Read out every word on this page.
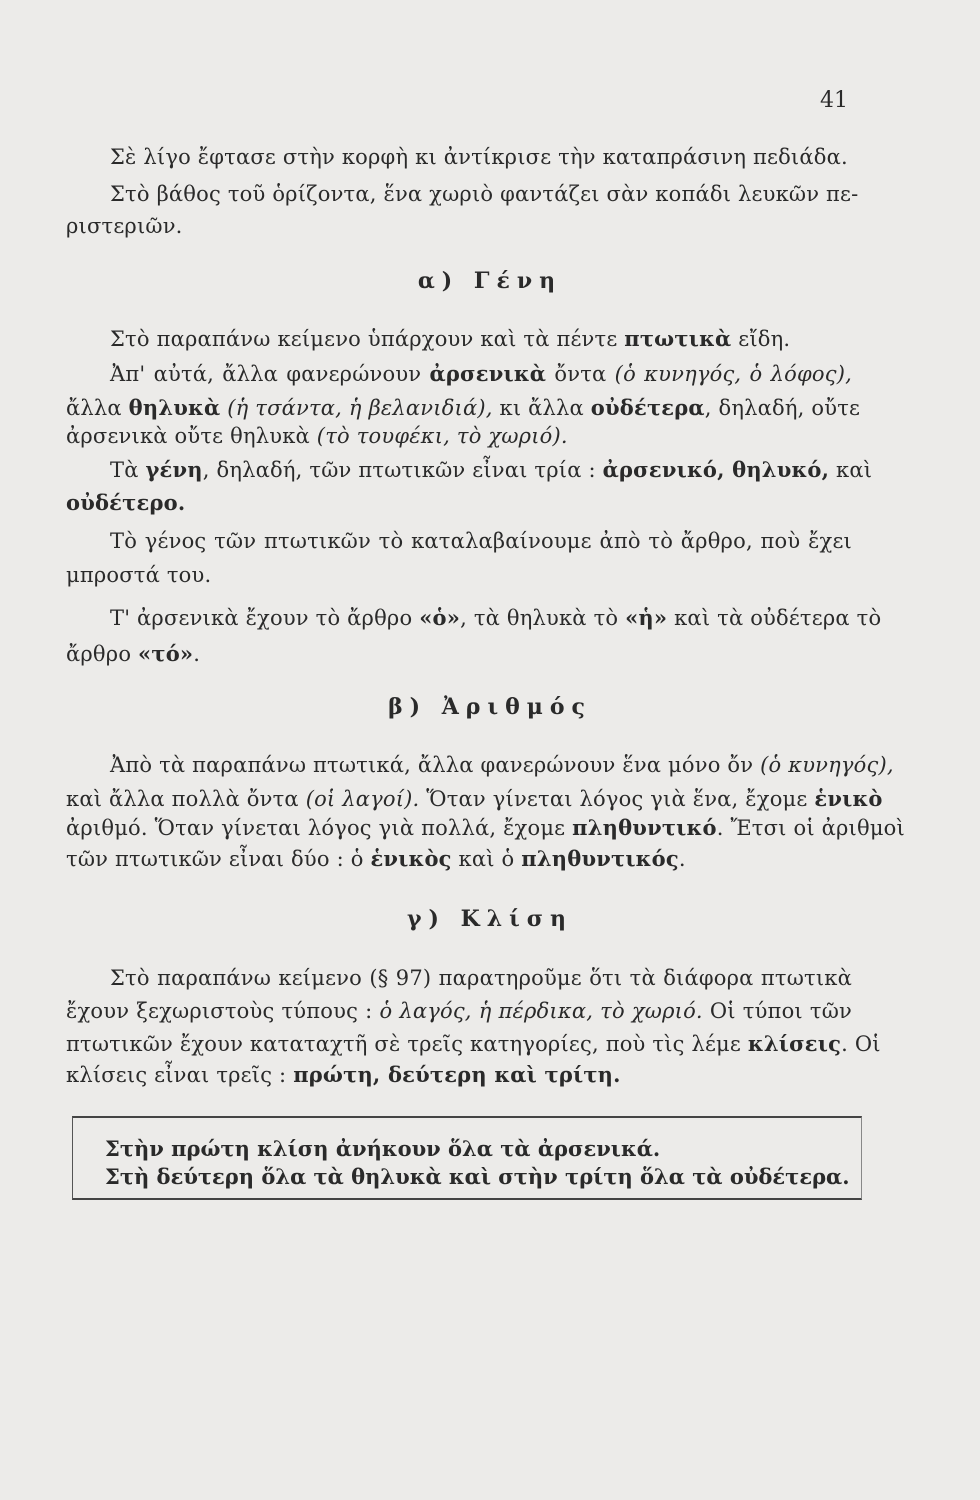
41
Σὲ λίγο ἔφτασε στὴν κορφὴ κι ἀντίκρισε τὴν καταπράσινη πεδιάδα.
Στὸ βάθος τοῦ ὁρίζοντα, ἕνα χωριὸ φαντάζει σὰν κοπάδι λευκῶν πε-
ριστεριῶν.
α) Γένη
Στὸ παραπάνω κείμενο ὑπάρχουν καὶ τὰ πέντε πτωτικὰ εἴδη.
Ἀπ' αὐτά, ἄλλα φανερώνουν ἀρσενικὰ ὄντα (ὁ κυνηγός, ὁ λόφος),
ἄλλα θηλυκὰ (ἡ τσάντα, ἡ βελανιδιά), κι ἄλλα οὐδέτερα, δηλαδή, οὔτε
ἀρσενικὰ οὔτε θηλυκὰ (τὸ τουφέκι, τὸ χωριό).
Τὰ γένη, δηλαδή, τῶν πτωτικῶν εἶναι τρία : ἀρσενικό, θηλυκό, καὶ
οὐδέτερο.
Τὸ γένος τῶν πτωτικῶν τὸ καταλαβαίνουμε ἀπὸ τὸ ἄρθρο, ποὺ ἔχει
μπροστά του.
Τ' ἀρσενικὰ ἔχουν τὸ ἄρθρο «ὁ», τὰ θηλυκὰ τὸ «ἡ» καὶ τὰ οὐδέτερα τὸ
ἄρθρο «τό».
β) Ἀριθμός
Ἀπὸ τὰ παραπάνω πτωτικά, ἄλλα φανερώνουν ἕνα μόνο ὄν (ὁ κυνηγός),
καὶ ἄλλα πολλὰ ὄντα (οἱ λαγοί). Ὅταν γίνεται λόγος γιὰ ἕνα, ἔχομε ἑνικὸ
ἀριθμό. Ὅταν γίνεται λόγος γιὰ πολλά, ἔχομε πληθυντικό. Ἔτσι οἱ ἀριθμοὶ
τῶν πτωτικῶν εἶναι δύο : ὁ ἑνικὸς καὶ ὁ πληθυντικός.
γ) Κλίση
Στὸ παραπάνω κείμενο (§ 97) παρατηροῦμε ὅτι τὰ διάφορα πτωτικὰ
ἔχουν ξεχωριστοὺς τύπους : ὁ λαγός, ἡ πέρδικα, τὸ χωριό. Οἱ τύποι τῶν
πτωτικῶν ἔχουν καταταχτῆ σὲ τρεῖς κατηγορίες, ποὺ τὶς λέμε κλίσεις. Οἱ
κλίσεις εἶναι τρεῖς : πρώτη, δεύτερη καὶ τρίτη.
Στὴν πρώτη κλίση ἀνήκουν ὅλα τὰ ἀρσενικά.
Στὴ δεύτερη ὅλα τὰ θηλυκὰ καὶ στὴν τρίτη ὅλα τὰ οὐδέτερα.
